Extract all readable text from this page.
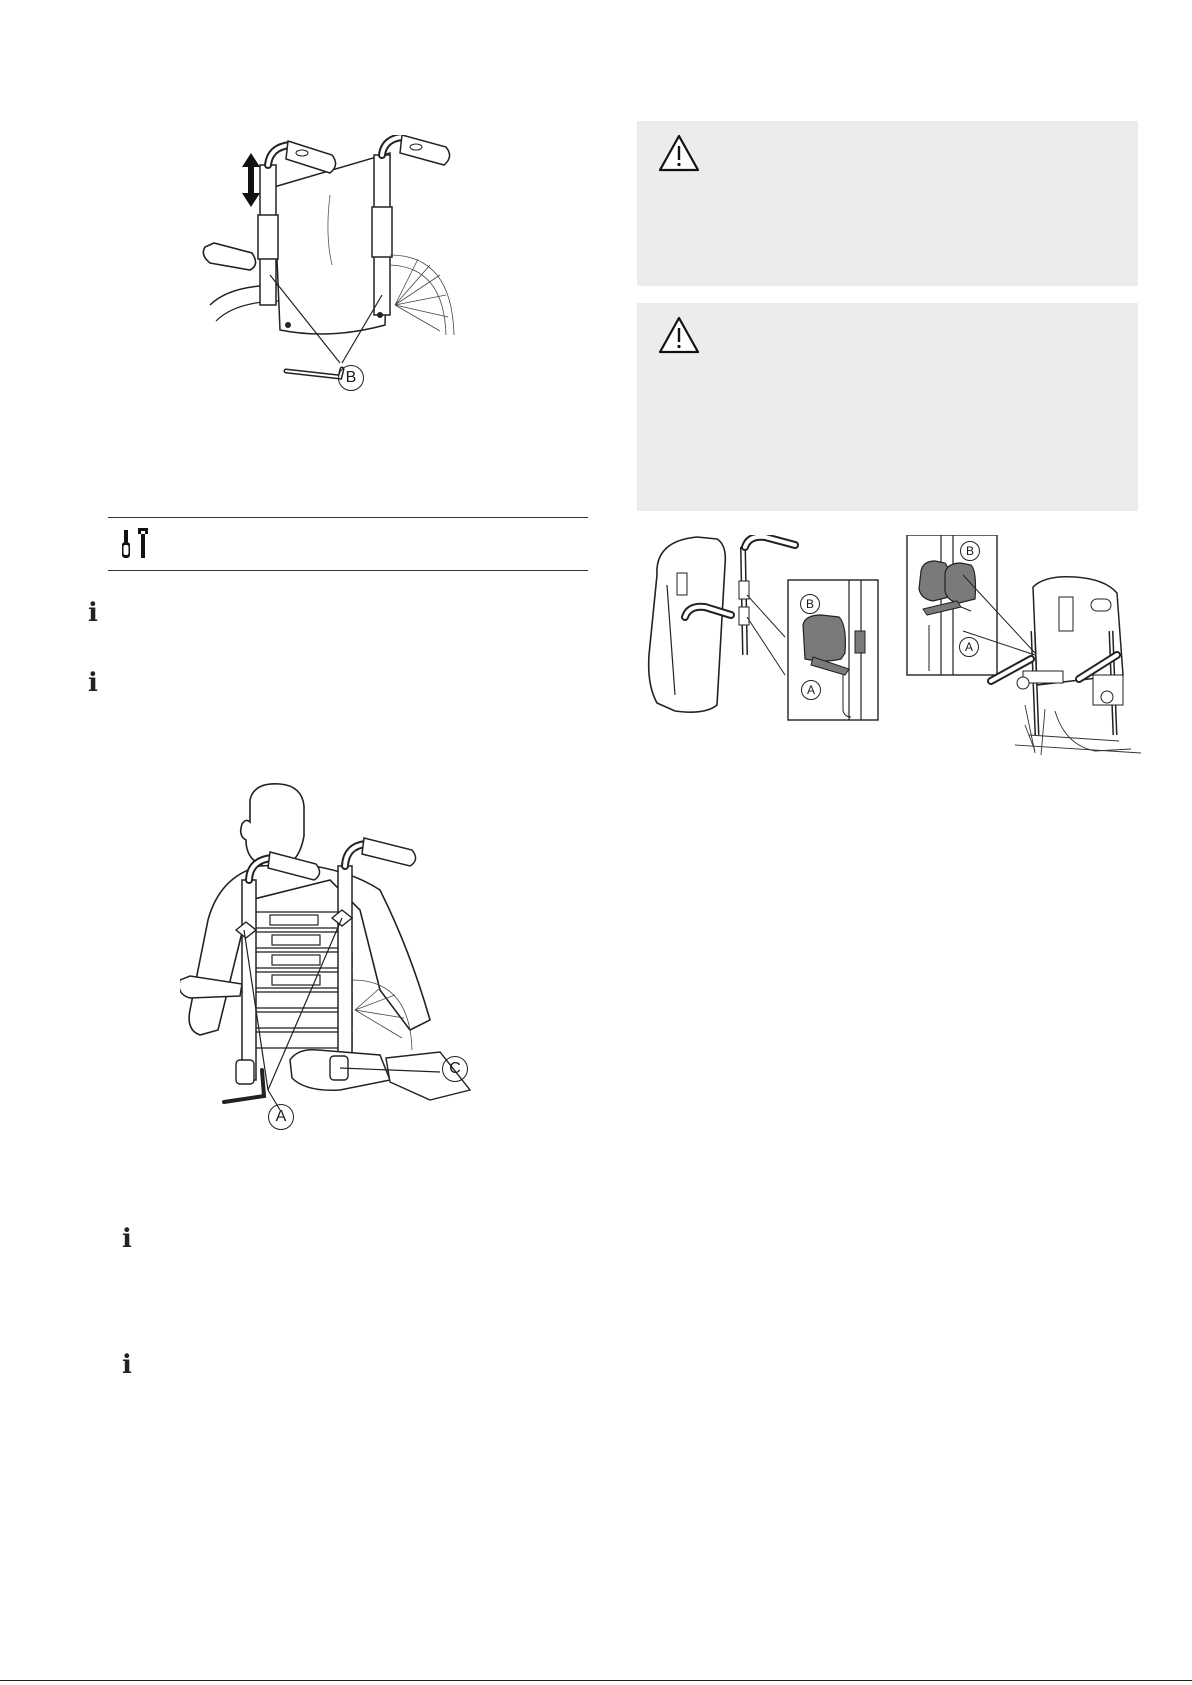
B
ℹ
ℹ
C
A
ℹ
ℹ
B
A
B
A
